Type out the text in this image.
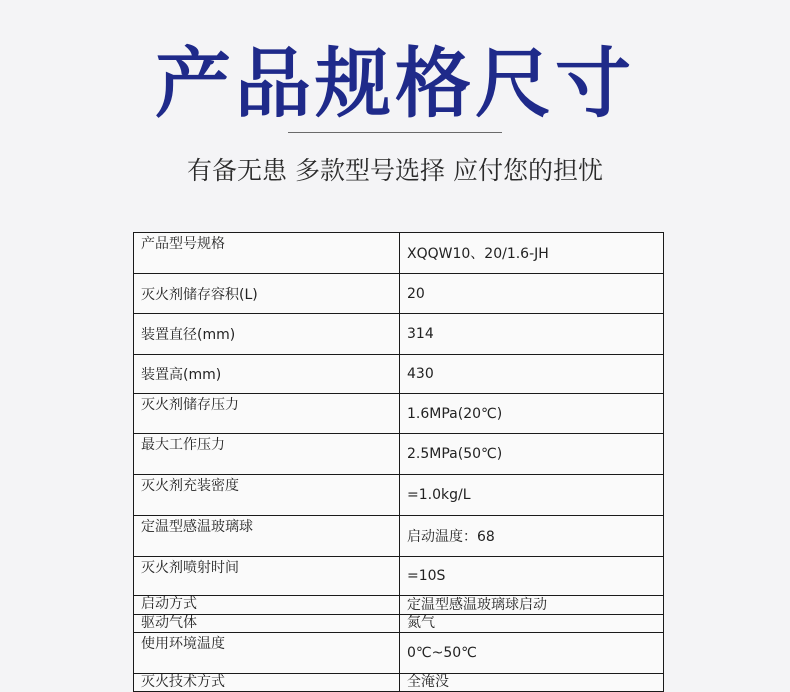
产品规格尺寸
有备无患 多款型号选择 应付您的担忧
产品型号规格	XQQW10、20/1.6-JH
灭火剂储存容积(L)	20
装置直径(mm)	314
装置高(mm)	430
灭火剂储存压力	1.6MPa(20℃)
最大工作压力	2.5MPa(50℃)
灭火剂充装密度	=1.0kg/L
定温型感温玻璃球	启动温度：68
灭火剂喷射时间	=10S
启动方式	定温型感温玻璃球启动
驱动气体	氮气
使用环境温度	0℃~50℃
灭火技术方式	全淹没
